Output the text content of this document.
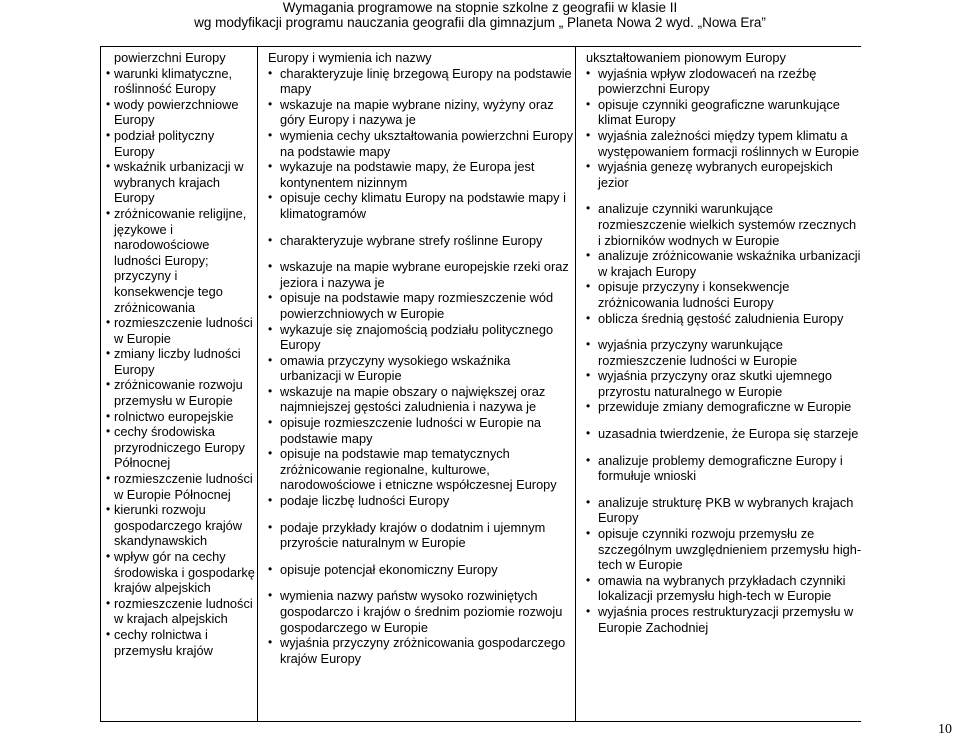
Wymagania programowe na stopnie szkolne z geografii w klasie II
wg modyfikacji programu nauczania geografii dla gimnazjum „ Planeta Nowa 2 wyd. „Nowa Era”
powierzchni Europy
• warunki klimatyczne, roślinność Europy
• wody powierzchniowe Europy
• podział polityczny Europy
• wskaźnik urbanizacji w wybranych krajach Europy
• zróżnicowanie religijne, językowe i narodowościowe ludności Europy; przyczyny i konsekwencje tego zróżnicowania
• rozmieszczenie ludności w Europie
• zmiany liczby ludności Europy
• zróżnicowanie rozwoju przemysłu w Europie
• rolnictwo europejskie
• cechy środowiska przyrodniczego Europy Północnej
• rozmieszczenie ludności w Europie Północnej
• kierunki rozwoju gospodarczego krajów skandynawskich
• wpływ gór na cechy środowiska i gospodarkę krajów alpejskich
• rozmieszczenie ludności w krajach alpejskich
• cechy rolnictwa i przemysłu krajów
Europy i wymienia ich nazwy
• charakteryzuje linię brzegową Europy na podstawie mapy
• wskazuje na mapie wybrane niziny, wyżyny oraz góry Europy i nazywa je
• wymienia cechy ukształtowania powierzchni Europy na podstawie mapy
• wykazuje na podstawie mapy, że Europa jest kontynentem nizinnym
• opisuje cechy klimatu Europy na podstawie mapy i klimatogramów
• charakteryzuje wybrane strefy roślinne Europy
• wskazuje na mapie wybrane europejskie rzeki oraz jeziora i nazywa je
• opisuje na podstawie mapy rozmieszczenie wód powierzchniowych w Europie
• wykazuje się znajomością podziału politycznego Europy
• omawia przyczyny wysokiego wskaźnika urbanizacji w Europie
• wskazuje na mapie obszary o największej oraz najmniejszej gęstości zaludnienia i nazywa je
• opisuje rozmieszczenie ludności w Europie na podstawie mapy
• opisuje na podstawie map tematycznych zróżnicowanie regionalne, kulturowe, narodowościowe i etniczne współczesnej Europy
• podaje liczbę ludności Europy
• podaje przykłady krajów o dodatnim i ujemnym przyroście naturalnym w Europie
• opisuje potencjał ekonomiczny Europy
• wymienia nazwy państw wysoko rozwiniętych gospodarczo i krajów o średnim poziomie rozwoju gospodarczego w Europie
• wyjaśnia przyczyny zróżnicowania gospodarczego krajów Europy
ukształtowaniem pionowym Europy
• wyjaśnia wpływ zlodowaceń na rzeźbę powierzchni Europy
• opisuje czynniki geograficzne warunkujące klimat Europy
• wyjaśnia zależności między typem klimatu a występowaniem formacji roślinnych w Europie
• wyjaśnia genezę wybranych europejskich jezior
• analizuje czynniki warunkujące rozmieszczenie wielkich systemów rzecznych i zbiorników wodnych w Europie
• analizuje zróżnicowanie wskaźnika urbanizacji w krajach Europy
• opisuje przyczyny i konsekwencje zróżnicowania ludności Europy
• oblicza średnią gęstość zaludnienia Europy
• wyjaśnia przyczyny warunkujące rozmieszczenie ludności w Europie
• wyjaśnia przyczyny oraz skutki ujemnego przyrostu naturalnego w Europie
• przewiduje zmiany demograficzne w Europie
• uzasadnia twierdzenie, że Europa się starzeje
• analizuje problemy demograficzne Europy i formułuje wnioski
• analizuje strukturę PKB w wybranych krajach Europy
• opisuje czynniki rozwoju przemysłu ze szczególnym uwzględnieniem przemysłu high-tech w Europie
• omawia na wybranych przykładach czynniki lokalizacji przemysłu high-tech w Europie
• wyjaśnia proces restrukturyzacji przemysłu w Europie Zachodniej
10
